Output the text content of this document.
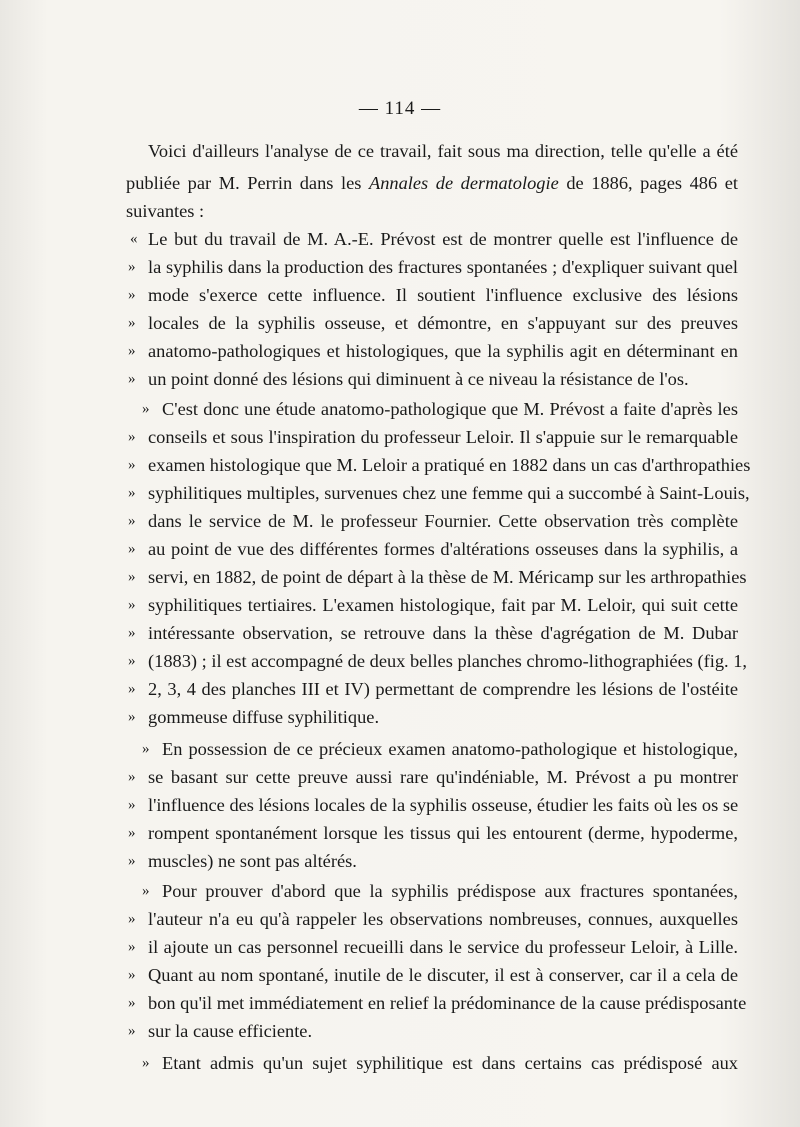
— 114 —
Voici d'ailleurs l'analyse de ce travail, fait sous ma direction, telle qu'elle a été
publiée par M. Perrin dans les Annales de dermatologie de 1886, pages 486 et
suivantes :
« Le but du travail de M. A.-E. Prévost est de montrer quelle est l'influence de
» la syphilis dans la production des fractures spontanées ; d'expliquer suivant quel
» mode s'exerce cette influence. Il soutient l'influence exclusive des lésions
» locales de la syphilis osseuse, et démontre, en s'appuyant sur des preuves
» anatomo-pathologiques et histologiques, que la syphilis agit en déterminant en
» un point donné des lésions qui diminuent à ce niveau la résistance de l'os.
» C'est donc une étude anatomo-pathologique que M. Prévost a faite d'après les
» conseils et sous l'inspiration du professeur Leloir. Il s'appuie sur le remarquable
» examen histologique que M. Leloir a pratiqué en 1882 dans un cas d'arthropathies
» syphilitiques multiples, survenues chez une femme qui a succombé à Saint-Louis,
» dans le service de M. le professeur Fournier. Cette observation très complète
» au point de vue des différentes formes d'altérations osseuses dans la syphilis, a
» servi, en 1882, de point de départ à la thèse de M. Méricamp sur les arthropathies
» syphilitiques tertiaires. L'examen histologique, fait par M. Leloir, qui suit cette
» intéressante observation, se retrouve dans la thèse d'agrégation de M. Dubar
» (1883) ; il est accompagné de deux belles planches chromo-lithographiées (fig. 1,
» 2, 3, 4 des planches III et IV) permettant de comprendre les lésions de l'ostéite
» gommeuse diffuse syphilitique.
» En possession de ce précieux examen anatomo-pathologique et histologique,
» se basant sur cette preuve aussi rare qu'indéniable, M. Prévost a pu montrer
» l'influence des lésions locales de la syphilis osseuse, étudier les faits où les os se
» rompent spontanément lorsque les tissus qui les entourent (derme, hypoderme,
» muscles) ne sont pas altérés.
» Pour prouver d'abord que la syphilis prédispose aux fractures spontanées,
» l'auteur n'a eu qu'à rappeler les observations nombreuses, connues, auxquelles
» il ajoute un cas personnel recueilli dans le service du professeur Leloir, à Lille.
» Quant au nom spontané, inutile de le discuter, il est à conserver, car il a cela de
» bon qu'il met immédiatement en relief la prédominance de la cause prédisposante
» sur la cause efficiente.
» Etant admis qu'un sujet syphilitique est dans certains cas prédisposé aux
